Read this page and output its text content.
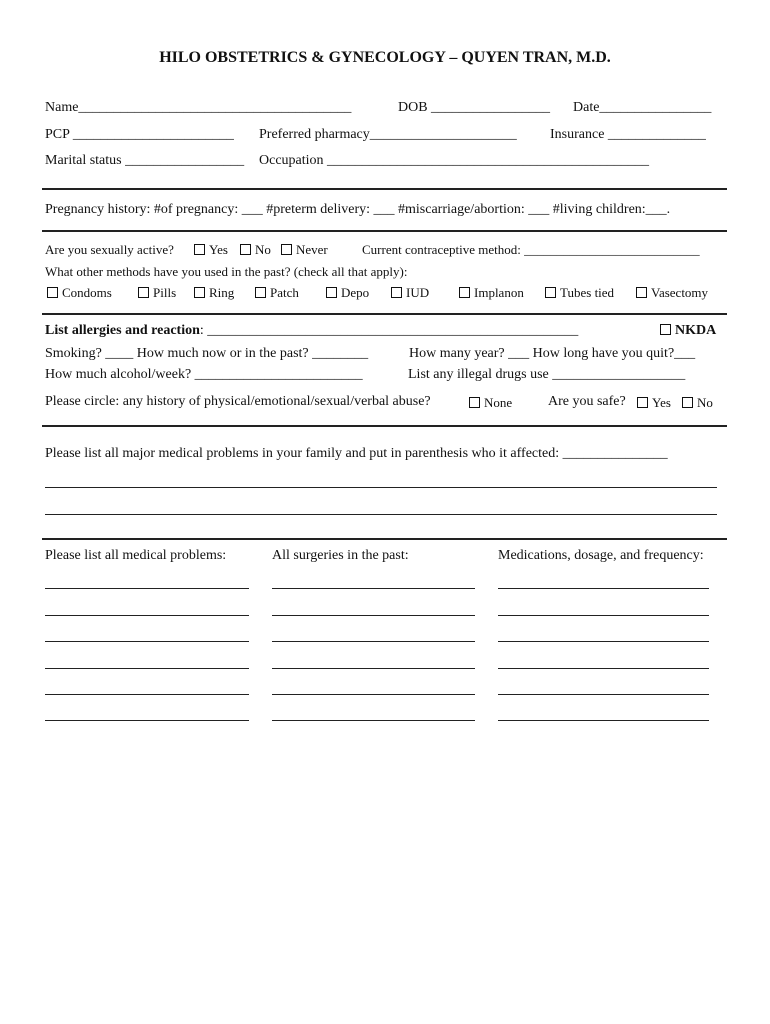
HILO OBSTETRICS & GYNECOLOGY – QUYEN TRAN, M.D.
Name_______________________________________	DOB _________________ Date________________
PCP _______________________ Preferred pharmacy_____________________ Insurance ______________
Marital status _________________ Occupation ______________________________________________
Pregnancy history: #of pregnancy: ___ #preterm delivery: ___ #miscarriage/abortion: ___ #living children:___.
Are you sexually active?	Yes	No	Never	Current contraceptive method: ___________________________
What other methods have you used in the past? (check all that apply):
Condoms	Pills	Ring	Patch	Depo	IUD	Implanon	Tubes tied	Vasectomy
List allergies and reaction: _____________________________________________________	NKDA
Smoking? ____ How much now or in the past? ________	How many year? ___ How long have you quit?___
How much alcohol/week? ________________________	List any illegal drugs use ___________________
Please circle: any history of physical/emotional/sexual/verbal abuse?	None	Are you safe?	Yes	No
Please list all major medical problems in your family and put in parenthesis who it affected: _______________
Please list all medical problems:	All surgeries in the past:	Medications, dosage, and frequency:
